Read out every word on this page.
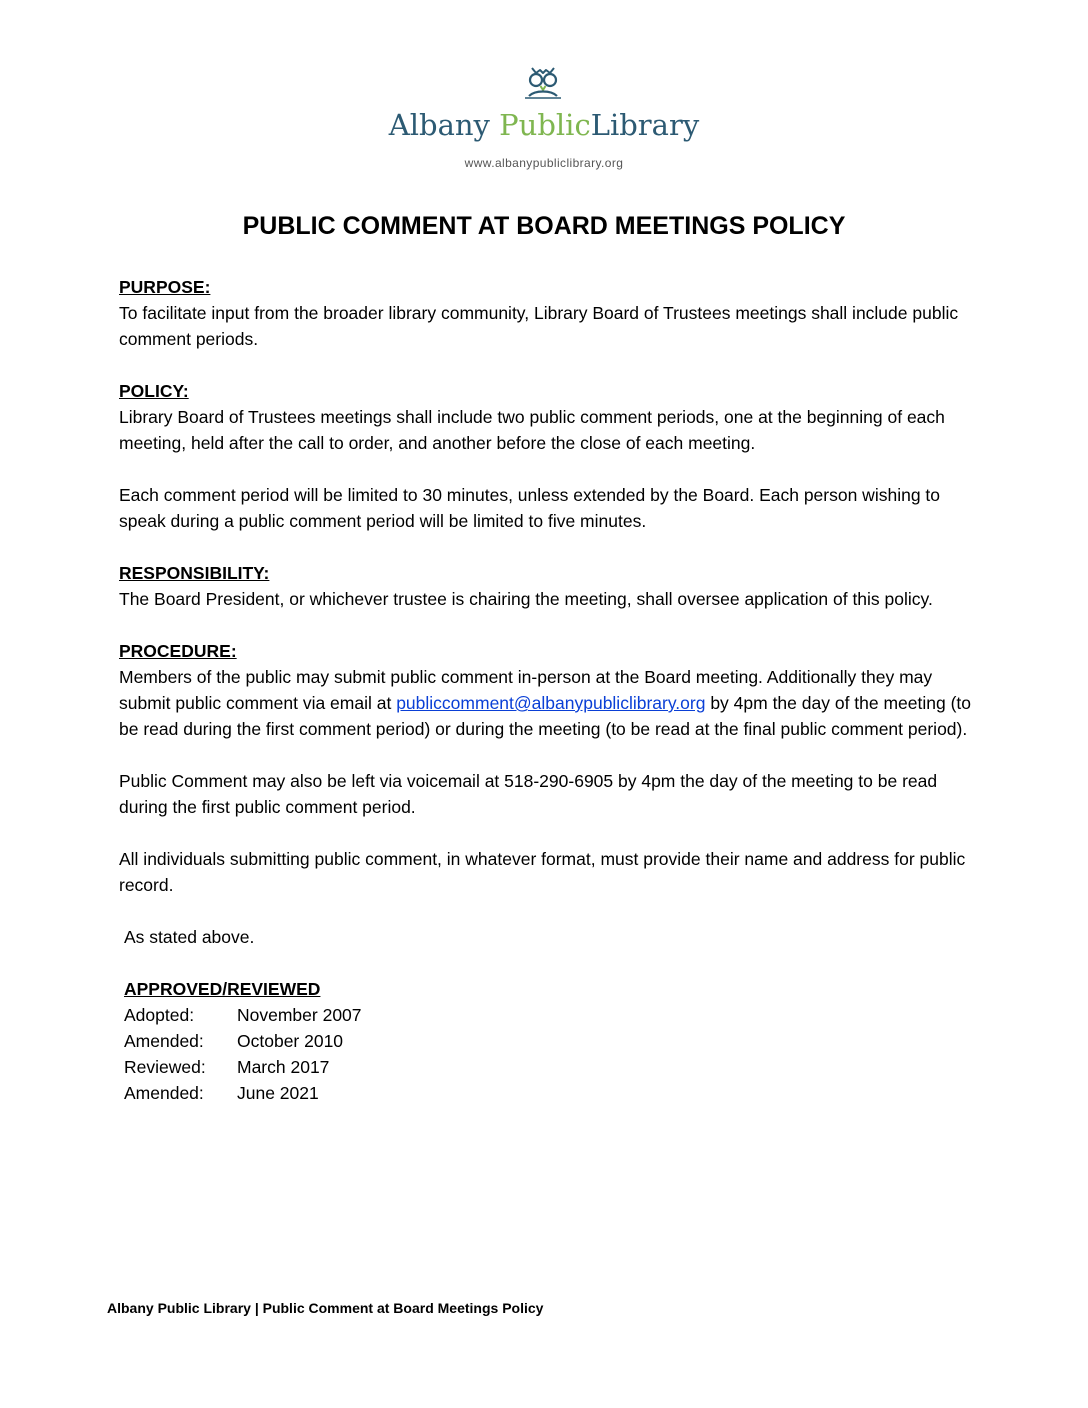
Albany PublicLibrary
www.albanypubliclibrary.org
PUBLIC COMMENT AT BOARD MEETINGS POLICY

PURPOSE:

To facilitate input from the broader library community, Library Board of Trustees meetings shall include public comment periods.

POLICY:

Library Board of Trustees meetings shall include two public comment periods, one at the beginning of each meeting, held after the call to order, and another before the close of each meeting.

Each comment period will be limited to 30 minutes, unless extended by the Board. Each person wishing to speak during a public comment period will be limited to five minutes.

RESPONSIBILITY:

The Board President, or whichever trustee is chairing the meeting, shall oversee application of this policy.

PROCEDURE:

Members of the public may submit public comment in-person at the Board meeting. Additionally they may submit public comment via email at publiccomment@albanypubliclibrary.org by 4pm the day of the meeting (to be read during the first comment period) or during the meeting (to be read at the final public comment period).

Public Comment may also be left via voicemail at 518-290-6905 by 4pm the day of the meeting to be read during the first public comment period.

All individuals submitting public comment, in whatever format, must provide their name and address for public record.

As stated above.

APPROVED/REVIEWED

Adopted:	November 2007
Amended:	October 2010
Reviewed:	March 2017
Amended:	June 2021
Albany Public Library | Public Comment at Board Meetings Policy
